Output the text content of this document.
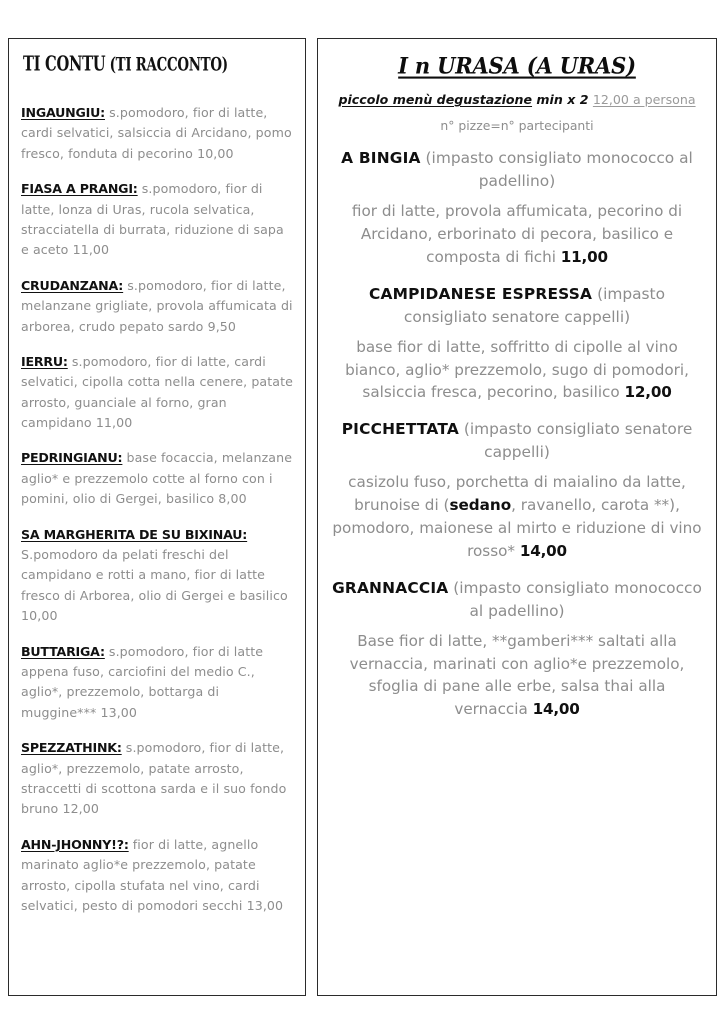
TI CONTU (TI RACCONTO)
INGAUNGIU: s.pomodoro, fior di latte, cardi selvatici, salsiccia di Arcidano, pomo fresco, fonduta di pecorino 10,00
FIASA A PRANGI: s.pomodoro, fior di latte, lonza di Uras, rucola selvatica, stracciatella di burrata, riduzione di sapa e aceto 11,00
CRUDANZANA: s.pomodoro, fior di latte, melanzane grigliate, provola affumicata di arborea, crudo pepato sardo 9,50
IERRU: s.pomodoro, fior di latte, cardi selvatici, cipolla cotta nella cenere, patate arrosto, guanciale al forno, gran campidano 11,00
PEDRINGIANU: base focaccia, melanzane aglio* e prezzemolo cotte al forno con i pomini, olio di Gergei, basilico 8,00
SA MARGHERITA DE SU BIXINAU: S.pomodoro da pelati freschi del campidano e rotti a mano, fior di latte fresco di Arborea, olio di Gergei e basilico 10,00
BUTTARIGA: s.pomodoro, fior di latte appena fuso, carciofini del medio C., aglio*, prezzemolo, bottarga di muggine*** 13,00
SPEZZATHINK: s.pomodoro, fior di latte, aglio*, prezzemolo, patate arrosto, straccetti di scottona sarda e il suo fondo bruno 12,00
AHN-JHONNY!?: fior di latte, agnello marinato aglio*e prezzemolo, patate arrosto, cipolla stufata nel vino, cardi selvatici, pesto di pomodori secchi 13,00
I n URASA (A URAS)
piccolo menù degustazione min x 2 12,00 a persona
n° pizze=n° partecipanti
A BINGIA (impasto consigliato monococco al padellino)
fior di latte, provola affumicata, pecorino di Arcidano, erborinato di pecora, basilico e composta di fichi 11,00
CAMPIDANESE ESPRESSA (impasto consigliato senatore cappelli)
base fior di latte, soffritto di cipolle al vino bianco, aglio* prezzemolo, sugo di pomodori, salsiccia fresca, pecorino, basilico 12,00
PICCHETTATA (impasto consigliato senatore cappelli)
casizolu fuso, porchetta di maialino da latte, brunoise di (sedano, ravanello, carota **), pomodoro, maionese al mirto e riduzione di vino rosso* 14,00
GRANNACCIA (impasto consigliato monococco al padellino)
Base fior di latte, **gamberi*** saltati alla vernaccia, marinati con aglio*e prezzemolo, sfoglia di pane alle erbe, salsa thai alla vernaccia 14,00
